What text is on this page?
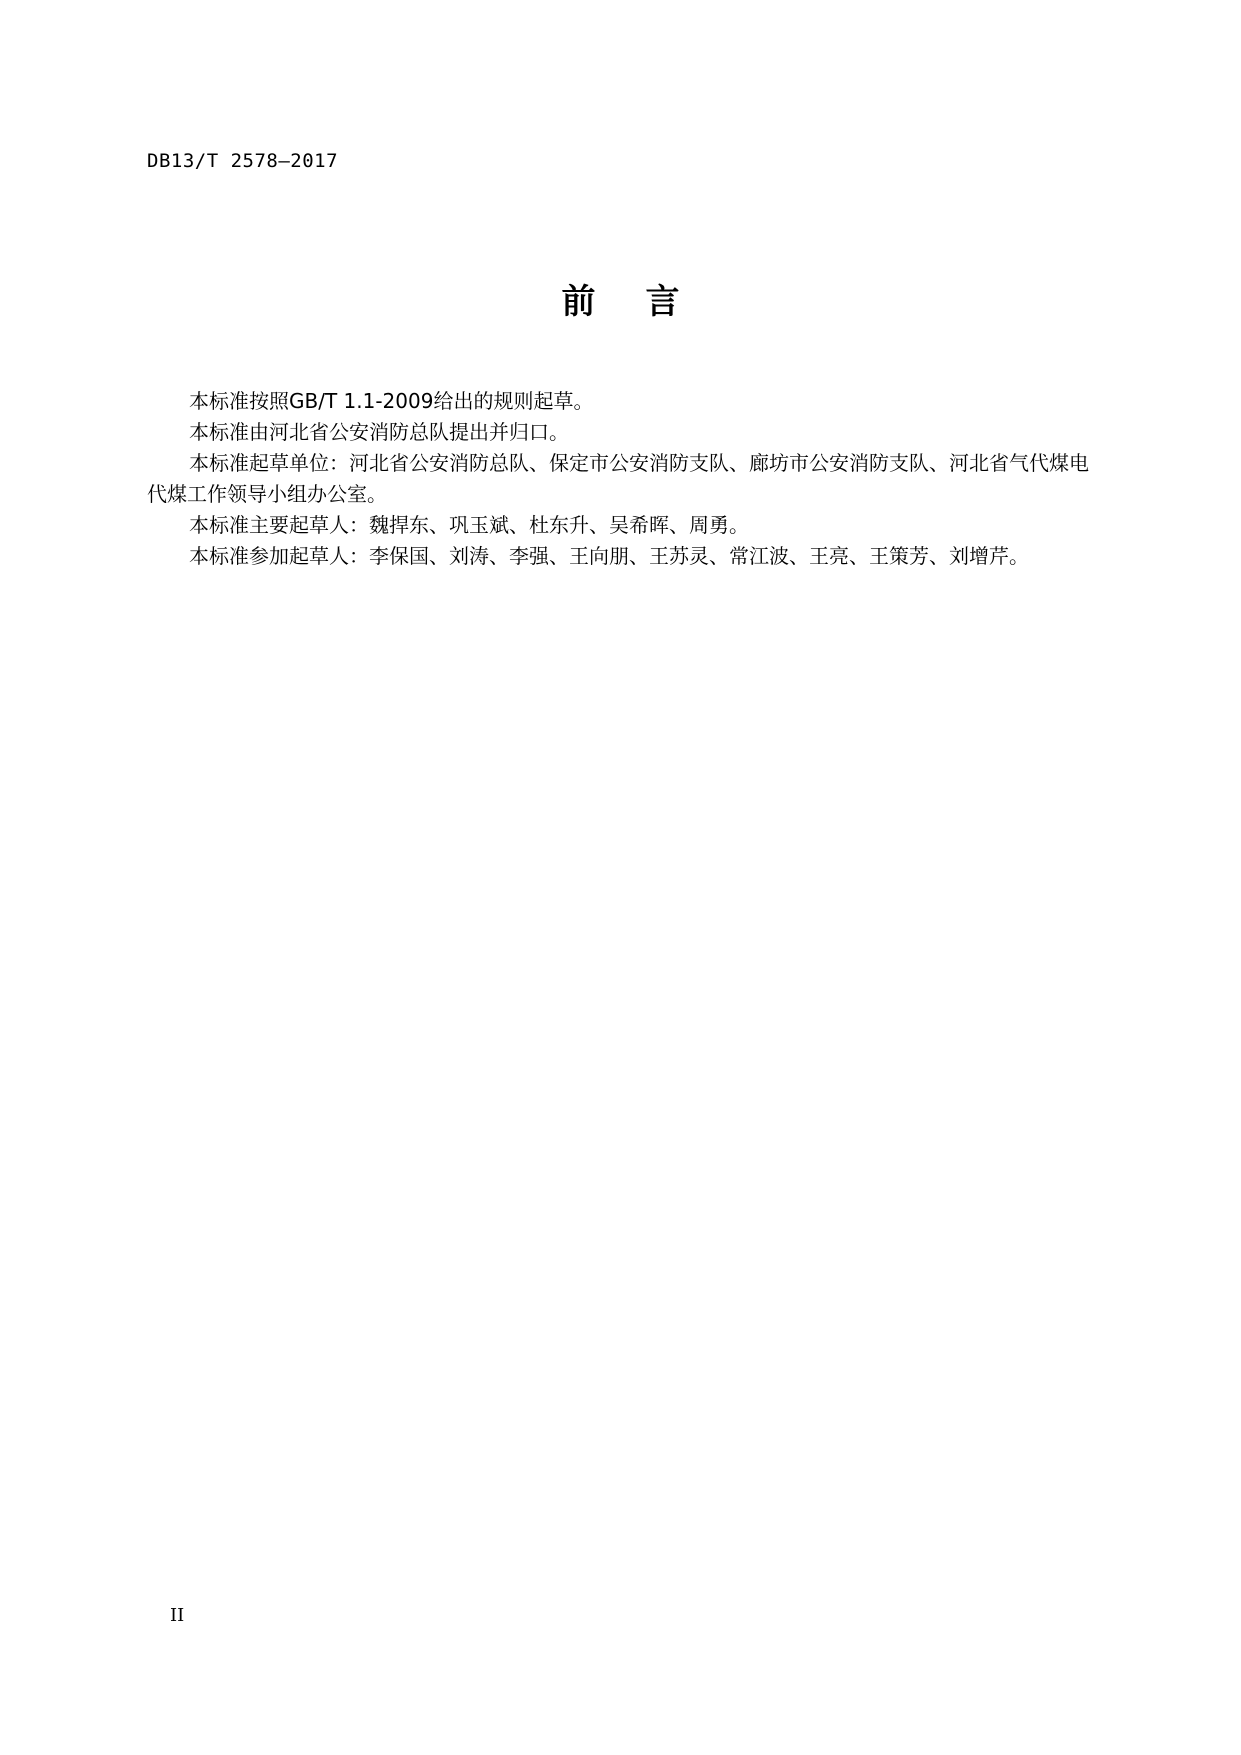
DB13/T 2578—2017
前言

本标准按照GB/T 1.1-2009给出的规则起草。

本标准由河北省公安消防总队提出并归口。

本标准起草单位：河北省公安消防总队、保定市公安消防支队、廊坊市公安消防支队、河北省气代煤电代煤工作领导小组办公室。

本标准主要起草人：魏捍东、巩玉斌、杜东升、吴希晖、周勇。

本标准参加起草人：李保国、刘涛、李强、王向朋、王苏灵、常江波、王亮、王策芳、刘增芹。

II
